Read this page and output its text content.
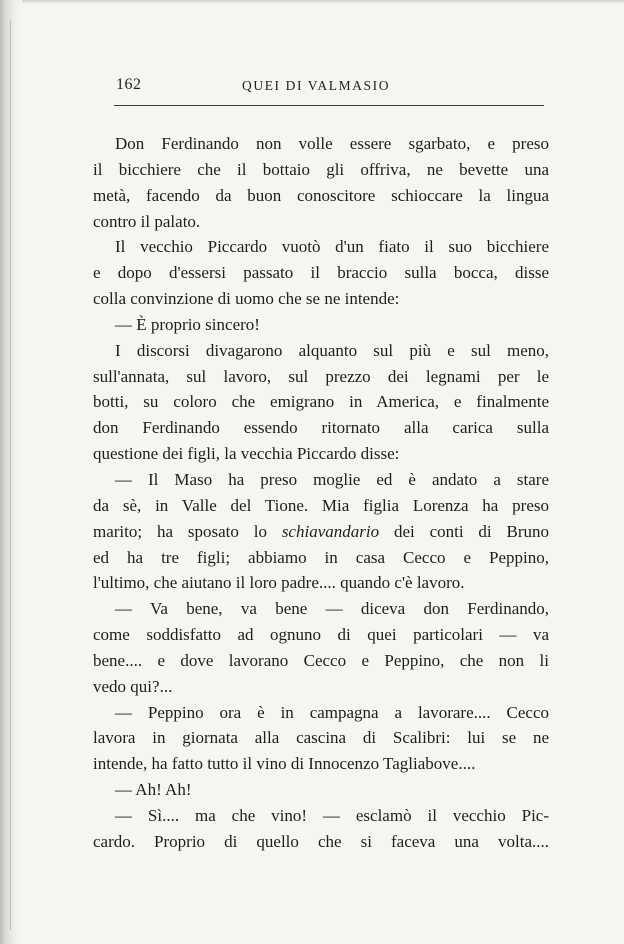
162	QUEI DI VALMASIO
Don Ferdinando non volle essere sgarbato, e preso
il bicchiere che il bottaio gli offriva, ne bevette una
metà, facendo da buon conoscitore schioccare la lingua
contro il palato.
Il vecchio Piccardo vuotò d'un fiato il suo bicchiere
e dopo d'essersi passato il braccio sulla bocca, disse
colla convinzione di uomo che se ne intende:
— È proprio sincero!
I discorsi divagarono alquanto sul più e sul meno,
sull'annata, sul lavoro, sul prezzo dei legnami per le
botti, su coloro che emigrano in America, e finalmente
don Ferdinando essendo ritornato alla carica sulla
questione dei figli, la vecchia Piccardo disse:
— Il Maso ha preso moglie ed è andato a stare
da sè, in Valle del Tione. Mia figlia Lorenza ha preso
marito; ha sposato lo schiavandario dei conti di Bruno
ed ha tre figli; abbiamo in casa Cecco e Peppino,
l'ultimo, che aiutano il loro padre.... quando c'è lavoro.
— Va bene, va bene — diceva don Ferdinando,
come soddisfatto ad ognuno di quei particolari — va
bene.... e dove lavorano Cecco e Peppino, che non li
vedo qui?...
— Peppino ora è in campagna a lavorare.... Cecco
lavora in giornata alla cascina di Scalibri: lui se ne
intende, ha fatto tutto il vino di Innocenzo Tagliabove....
— Ah! Ah!
— Sì.... ma che vino! — esclamò il vecchio Pic-
cardo. Proprio di quello che si faceva una volta....
